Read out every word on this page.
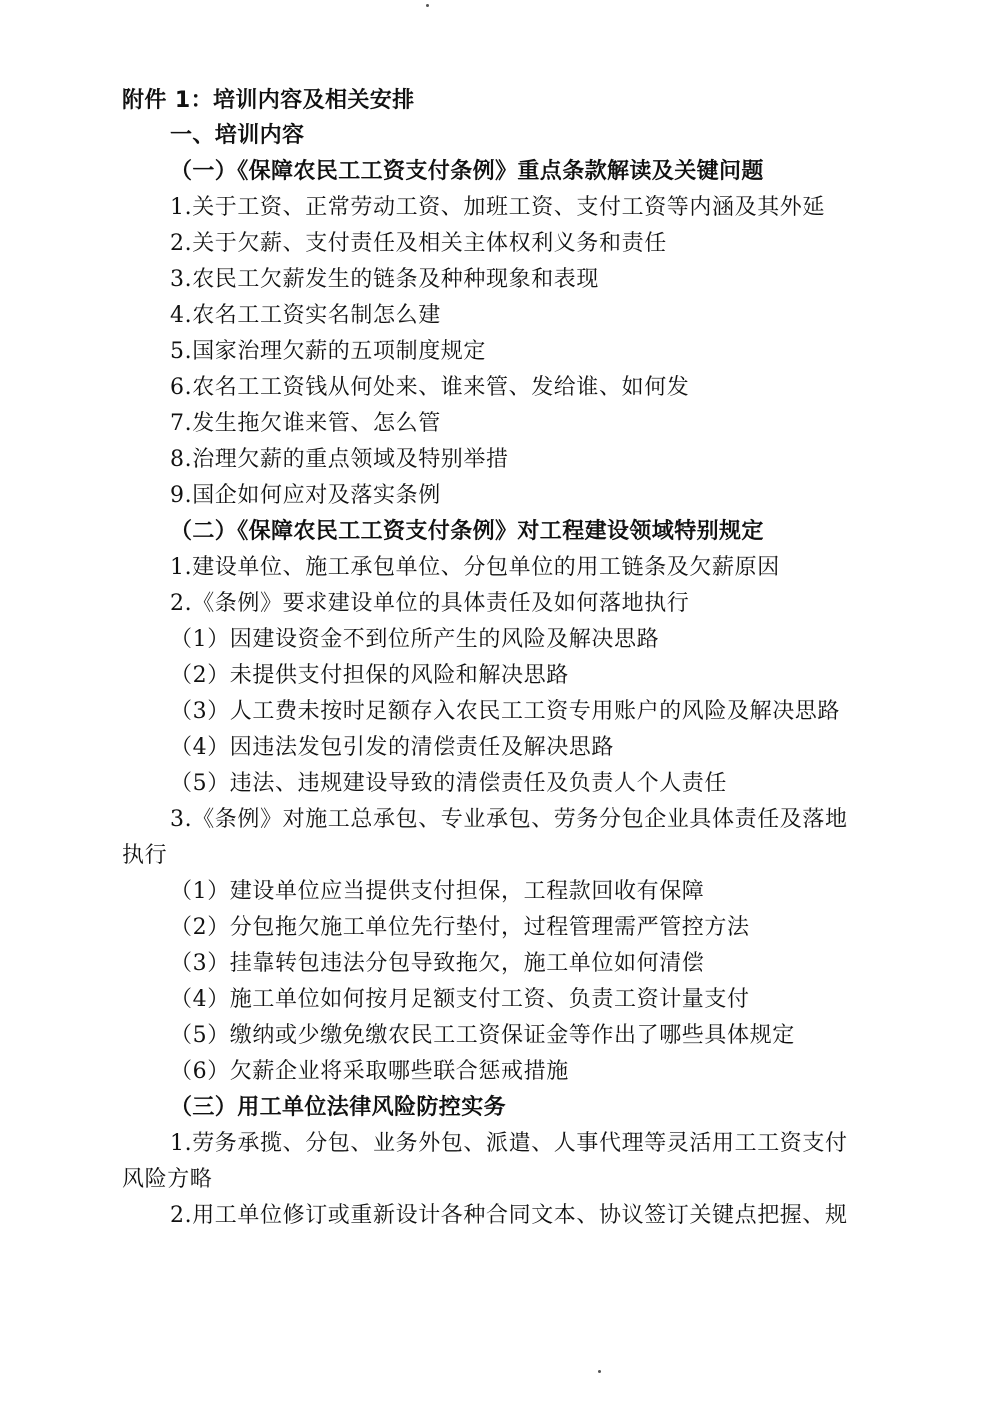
附件 1：培训内容及相关安排
一、培训内容
（一）《保障农民工工资支付条例》重点条款解读及关键问题
1.关于工资、正常劳动工资、加班工资、支付工资等内涵及其外延
2.关于欠薪、支付责任及相关主体权利义务和责任
3.农民工欠薪发生的链条及种种现象和表现
4.农名工工资实名制怎么建
5.国家治理欠薪的五项制度规定
6.农名工工资钱从何处来、谁来管、发给谁、如何发
7.发生拖欠谁来管、怎么管
8.治理欠薪的重点领域及特别举措
9.国企如何应对及落实条例
（二）《保障农民工工资支付条例》对工程建设领域特别规定
1.建设单位、施工承包单位、分包单位的用工链条及欠薪原因
2.《条例》要求建设单位的具体责任及如何落地执行
（1）因建设资金不到位所产生的风险及解决思路
（2）未提供支付担保的风险和解决思路
（3）人工费未按时足额存入农民工工资专用账户的风险及解决思路
（4）因违法发包引发的清偿责任及解决思路
（5）违法、违规建设导致的清偿责任及负责人个人责任
3.《条例》对施工总承包、专业承包、劳务分包企业具体责任及落地
执行
（1）建设单位应当提供支付担保，工程款回收有保障
（2）分包拖欠施工单位先行垫付，过程管理需严管控方法
（3）挂靠转包违法分包导致拖欠，施工单位如何清偿
（4）施工单位如何按月足额支付工资、负责工资计量支付
（5）缴纳或少缴免缴农民工工资保证金等作出了哪些具体规定
（6）欠薪企业将采取哪些联合惩戒措施
（三）用工单位法律风险防控实务
1.劳务承揽、分包、业务外包、派遣、人事代理等灵活用工工资支付
风险方略
2.用工单位修订或重新设计各种合同文本、协议签订关键点把握、规
